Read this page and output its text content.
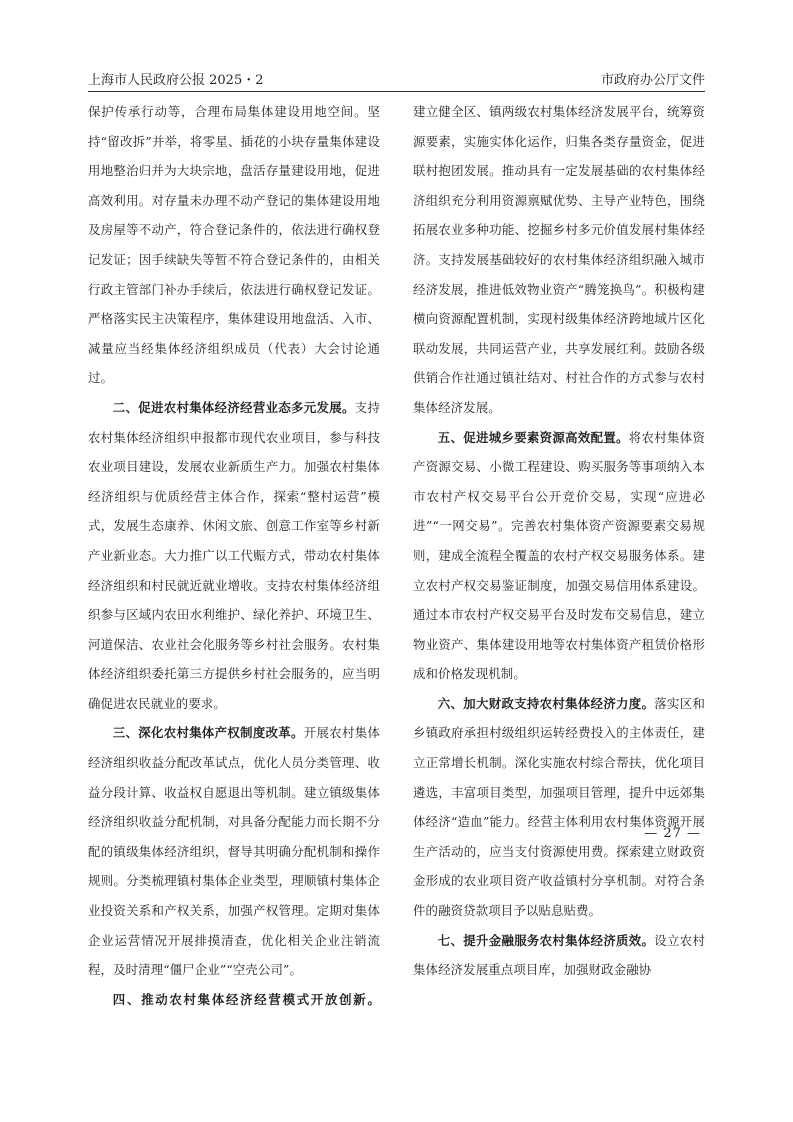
上海市人民政府公报 2025・2	市政府办公厅文件

保护传承行动等，合理布局集体建设用地空间。坚持“留改拆”并举，将零星、插花的小块存量集体建设用地整治归并为大块宗地，盘活存量建设用地，促进高效利用。对存量未办理不动产登记的集体建设用地及房屋等不动产，符合登记条件的，依法进行确权登记发证；因手续缺失等暂不符合登记条件的，由相关行政主管部门补办手续后，依法进行确权登记发证。严格落实民主决策程序，集体建设用地盘活、入市、减量应当经集体经济组织成员（代表）大会讨论通过。

二、促进农村集体经济经营业态多元发展。支持农村集体经济组织申报都市现代农业项目，参与科技农业项目建设，发展农业新质生产力。加强农村集体经济组织与优质经营主体合作，探索“整村运营”模式，发展生态康养、休闲文旅、创意工作室等乡村新产业新业态。大力推广以工代赈方式，带动农村集体经济组织和村民就近就业增收。支持农村集体经济组织参与区域内农田水利维护、绿化养护、环境卫生、河道保洁、农业社会化服务等乡村社会服务。农村集体经济组织委托第三方提供乡村社会服务的，应当明确促进农民就业的要求。

三、深化农村集体产权制度改革。开展农村集体经济组织收益分配改革试点，优化人员分类管理、收益分段计算、收益权自愿退出等机制。建立镇级集体经济组织收益分配机制，对具备分配能力而长期不分配的镇级集体经济组织，督导其明确分配机制和操作规则。分类梳理镇村集体企业类型，理顺镇村集体企业投资关系和产权关系，加强产权管理。定期对集体企业运营情况开展排摸清查，优化相关企业注销流程，及时清理“僵尸企业”“空壳公司”。

四、推动农村集体经济经营模式开放创新。

建立健全区、镇两级农村集体经济发展平台，统筹资源要素，实施实体化运作，归集各类存量资金，促进联村抱团发展。推动具有一定发展基础的农村集体经济组织充分利用资源禀赋优势、主导产业特色，围绕拓展农业多种功能、挖掘乡村多元价值发展村集体经济。支持发展基础较好的农村集体经济组织融入城市经济发展，推进低效物业资产“腾笼换鸟”。积极构建横向资源配置机制，实现村级集体经济跨地域片区化联动发展，共同运营产业，共享发展红利。鼓励各级供销合作社通过镇社结对、村社合作的方式参与农村集体经济发展。

五、促进城乡要素资源高效配置。将农村集体资产资源交易、小微工程建设、购买服务等事项纳入本市农村产权交易平台公开竞价交易，实现“应进必进”“一网交易”。完善农村集体资产资源要素交易规则，建成全流程全覆盖的农村产权交易服务体系。建立农村产权交易鉴证制度，加强交易信用体系建设。通过本市农村产权交易平台及时发布交易信息，建立物业资产、集体建设用地等农村集体资产租赁价格形成和价格发现机制。

六、加大财政支持农村集体经济力度。落实区和乡镇政府承担村级组织运转经费投入的主体责任，建立正常增长机制。深化实施农村综合帮扶，优化项目遴选，丰富项目类型，加强项目管理，提升中远郊集体经济“造血”能力。经营主体利用农村集体资源开展生产活动的，应当支付资源使用费。探索建立财政资金形成的农业项目资产收益镇村分享机制。对符合条件的融资贷款项目予以贴息贴费。

七、提升金融服务农村集体经济质效。设立农村集体经济发展重点项目库，加强财政金融协

— 27 —
